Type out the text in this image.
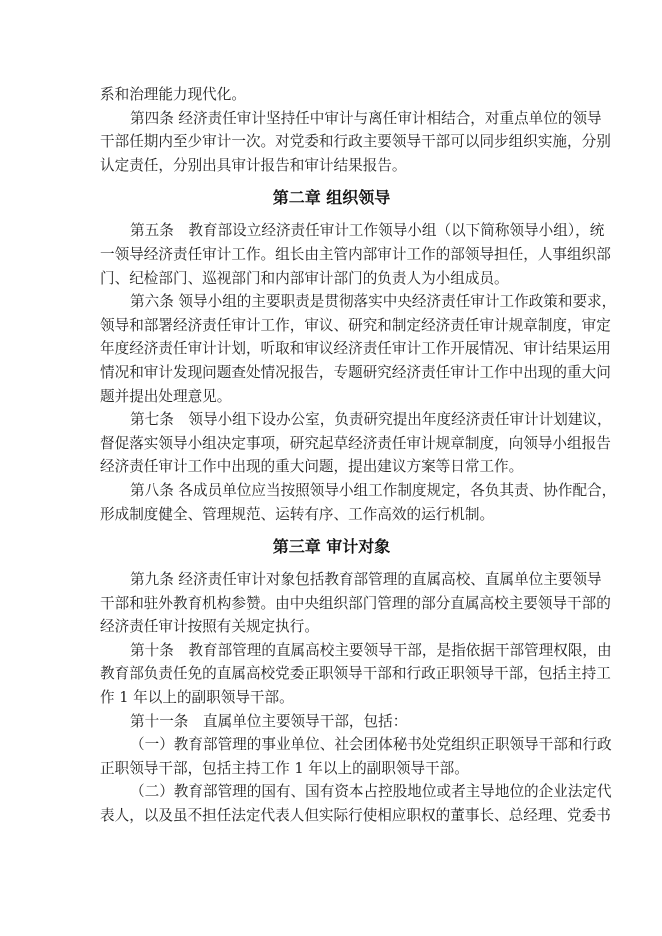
系和治理能力现代化。
第四条 经济责任审计坚持任中审计与离任审计相结合，对重点单位的领导
干部任期内至少审计一次。对党委和行政主要领导干部可以同步组织实施，分别
认定责任，分别出具审计报告和审计结果报告。
第二章 组织领导
第五条　教育部设立经济责任审计工作领导小组（以下简称领导小组），统
一领导经济责任审计工作。组长由主管内部审计工作的部领导担任，人事组织部
门、纪检部门、巡视部门和内部审计部门的负责人为小组成员。
第六条 领导小组的主要职责是贯彻落实中央经济责任审计工作政策和要求，
领导和部署经济责任审计工作，审议、研究和制定经济责任审计规章制度，审定
年度经济责任审计计划，听取和审议经济责任审计工作开展情况、审计结果运用
情况和审计发现问题查处情况报告，专题研究经济责任审计工作中出现的重大问
题并提出处理意见。
第七条　领导小组下设办公室，负责研究提出年度经济责任审计计划建议，
督促落实领导小组决定事项，研究起草经济责任审计规章制度，向领导小组报告
经济责任审计工作中出现的重大问题，提出建议方案等日常工作。
第八条 各成员单位应当按照领导小组工作制度规定，各负其责、协作配合，
形成制度健全、管理规范、运转有序、工作高效的运行机制。
第三章 审计对象
第九条 经济责任审计对象包括教育部管理的直属高校、直属单位主要领导
干部和驻外教育机构参赞。由中央组织部门管理的部分直属高校主要领导干部的
经济责任审计按照有关规定执行。
第十条　教育部管理的直属高校主要领导干部，是指依据干部管理权限，由
教育部负责任免的直属高校党委正职领导干部和行政正职领导干部，包括主持工
作 1 年以上的副职领导干部。
第十一条　直属单位主要领导干部，包括：
（一）教育部管理的事业单位、社会团体秘书处党组织正职领导干部和行政
正职领导干部，包括主持工作 1 年以上的副职领导干部。
（二）教育部管理的国有、国有资本占控股地位或者主导地位的企业法定代
表人，以及虽不担任法定代表人但实际行使相应职权的董事长、总经理、党委书
